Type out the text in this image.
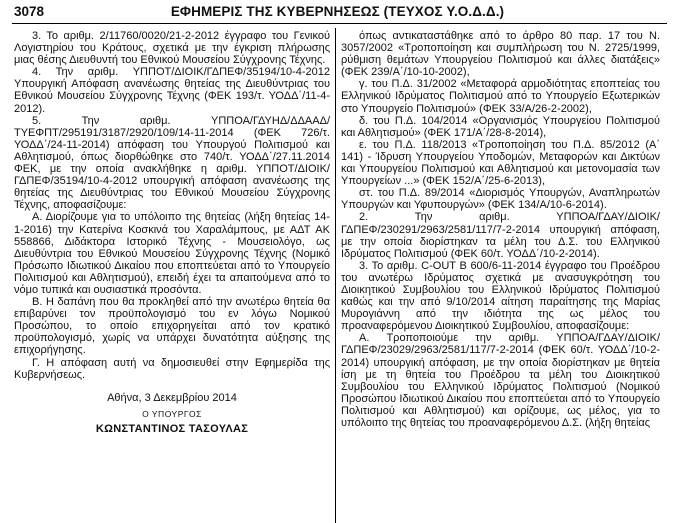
3078	ΕΦΗΜΕΡΙΣ ΤΗΣ ΚΥΒΕΡΝΗΣΕΩΣ (ΤΕΥΧΟΣ Υ.Ο.Δ.Δ.)

3. Το αριθμ. 2/11760/0020/21-2-2012 έγγραφο του Γενικού Λογιστηρίου του Κράτους, σχετικά με την έγκριση πλήρωσης μιας θέσης Διευθυντή του Εθνικού Μουσείου Σύγχρονης Τέχνης.

4. Την αριθμ. ΥΠΠΟΤ/ΔΙΟΙΚ/ΓΔΠΕΦ/35194/10-4-2012 Υπουργική Απόφαση ανανέωσης θητείας της Διευθύντριας του Εθνικού Μουσείου Σύγχρονης Τέχνης (ΦΕΚ 193/τ. ΥΟΔΔ΄/11-4-2012).

5. Την αριθμ. ΥΠΠΟΑ/ΓΔΥΗΔ/ΔΔΑΑΔ/ΤΥΕΦΠΤ/295191/3187/2920/109/14-11-2014 (ΦΕΚ 726/τ. ΥΟΔΔ΄/24-11-2014) απόφαση του Υπουργού Πολιτισμού και Αθλητισμού, όπως διορθώθηκε στο 740/τ. ΥΟΔΔ΄/27.11.2014 ΦΕΚ, με την οποία ανακλήθηκε η αριθμ. ΥΠΠΟΤ/ΔΙΟΙΚ/ΓΔΠΕΦ/35194/10-4-2012 υπουργική απόφαση ανανέωσης της θητείας της Διευθύντριας του Εθνικού Μουσείου Σύγχρονης Τέχνης, αποφασίζουμε:

Α. Διορίζουμε για το υπόλοιπο της θητείας (λήξη θητείας 14-1-2016) την Κατερίνα Κοσκινά του Χαραλάμπους, με ΑΔΤ ΑΚ 558866, Διδάκτορα Ιστορικό Τέχνης - Μουσειολόγο, ως Διευθύντρια του Εθνικού Μουσείου Σύγχρονης Τέχνης (Νομικό Πρόσωπο Ιδιωτικού Δικαίου που εποπτεύεται από το Υπουργείο Πολιτισμού και Αθλητισμού), επειδή έχει τα απαιτούμενα από το νόμο τυπικά και ουσιαστικά προσόντα.

Β. Η δαπάνη που θα προκληθεί από την ανωτέρω θητεία θα επιβαρύνει τον προϋπολογισμό του εν λόγω Νομικού Προσώπου, το οποίο επιχορηγείται από τον κρατικό προϋπολογισμό, χωρίς να υπάρχει δυνατότητα αύξησης της επιχορήγησης.

Γ. Η απόφαση αυτή να δημοσιευθεί στην Εφημερίδα της Κυβερνήσεως.

Αθήνα, 3 Δεκεμβρίου 2014
Ο ΥΠΟΥΡΓΟΣ
ΚΩΝΣΤΑΝΤΙΝΟΣ ΤΑΣΟΥΛΑΣ

όπως αντικαταστάθηκε από το άρθρο 80 παρ. 17 του Ν. 3057/2002 «Τροποποίηση και συμπλήρωση του Ν. 2725/1999, ρύθμιση θεμάτων Υπουργείου Πολιτισμού και άλλες διατάξεις» (ΦΕΚ 239/Α΄/10-10-2002),

γ. του Π.Δ. 31/2002 «Μεταφορά αρμοδιότητας εποπτείας του Ελληνικού Ιδρύματος Πολιτισμού από το Υπουργείο Εξωτερικών στο Υπουργείο Πολιτισμού» (ΦΕΚ 33/Α/26-2-2002),

δ. του Π.Δ. 104/2014 «Οργανισμός Υπουργείου Πολιτισμού και Αθλητισμού» (ΦΕΚ 171/Α΄/28-8-2014),

ε. του Π.Δ. 118/2013 «Τροποποίηση του Π.Δ. 85/2012 (Α΄ 141) - Ίδρυση Υπουργείου Υποδομών, Μεταφορών και Δικτύων και Υπουργείου Πολιτισμού και Αθλητισμού και μετονομασία των Υπουργείων ...» (ΦΕΚ 152/Α΄/25-6-2013),

στ. του Π.Δ. 89/2014 «Διορισμός Υπουργών, Αναπληρωτών Υπουργών και Υφυπουργών» (ΦΕΚ 134/Α/10-6-2014).

2. Την αριθμ. ΥΠΠΟΑ/ΓΔΑΥ/ΔΙΟΙΚ/ΓΔΠΕΦ/230291/2963/2581/117/7-2-2014 υπουργική απόφαση, με την οποία διορίστηκαν τα μέλη του Δ.Σ. του Ελληνικού Ιδρύματος Πολιτισμού (ΦΕΚ 60/τ. ΥΟΔΔ΄/10-2-2014).

3. Το αριθμ. C-OUT B 600/6-11-2014 έγγραφο του Προέδρου του ανωτέρω Ιδρύματος σχετικά με ανασυγκρότηση του Διοικητικού Συμβουλίου του Ελληνικού Ιδρύματος Πολιτισμού καθώς και την από 9/10/2014 αίτηση παραίτησης της Μαρίας Μυρογιάννη από την ιδιότητα της ως μέλος του προαναφερόμενου Διοικητικού Συμβουλίου, αποφασίζουμε:

Α. Τροποποιούμε την αριθμ. ΥΠΠΟΑ/ΓΔΑΥ/ΔΙΟΙΚ/ΓΔΠΕΦ/23029/2963/2581/117/7-2-2014 (ΦΕΚ 60/τ. ΥΟΔΔ΄/10-2-2014) υπουργική απόφαση, με την οποία διορίστηκαν με θητεία ίση με τη θητεία του Προέδρου τα μέλη του Διοικητικού Συμβουλίου του Ελληνικού Ιδρύματος Πολιτισμού (Νομικού Προσώπου Ιδιωτικού Δικαίου που εποπτεύεται από το Υπουργείο Πολιτισμού και Αθλητισμού) και ορίζουμε, ως μέλος, για το υπόλοιπο της θητείας του προαναφερόμενου Δ.Σ. (λήξη θητείας
